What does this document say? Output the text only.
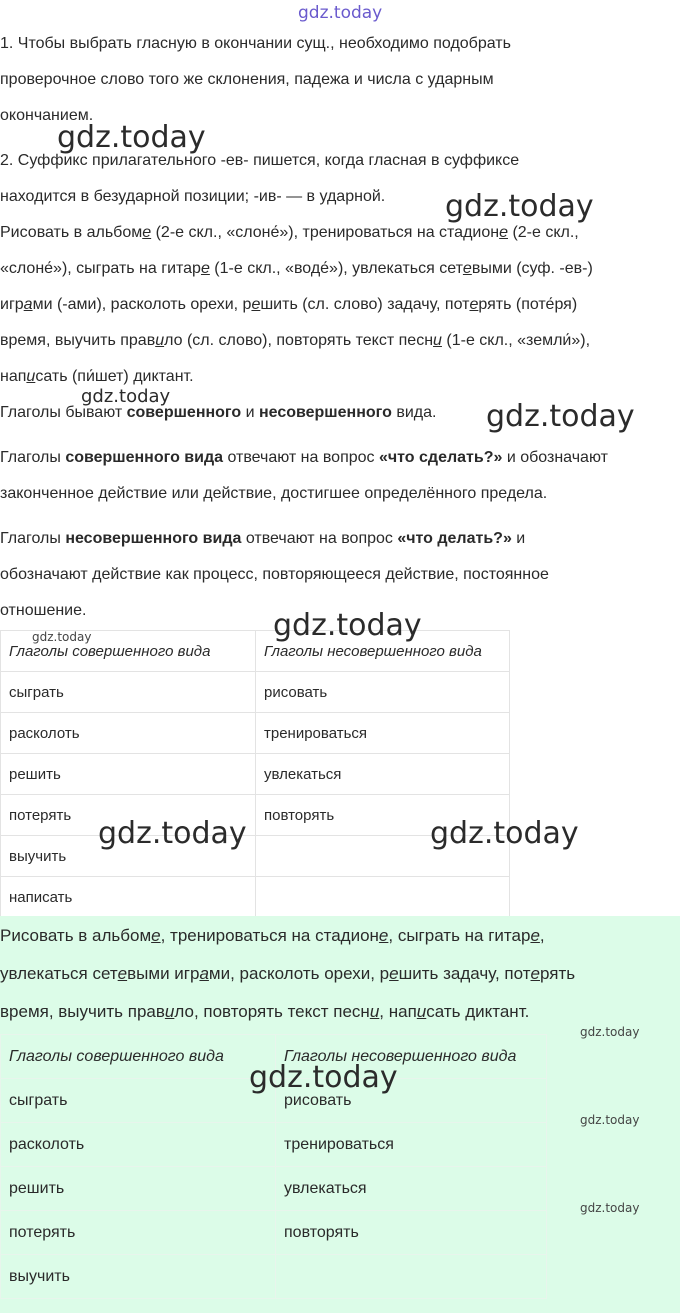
gdz.today

1. Чтобы выбрать гласную в окончании сущ., необходимо подобрать

проверочное слово того же склонения, падежа и числа с ударным

окончанием.

gdz.today

2. Суффикс прилагательного -ев- пишется, когда гласная в суффиксе

находится в безударной позиции; -ив- — в ударной. gdz.today

Рисовать в альбоме (2-е скл., «слоне́»), тренироваться на стадионе (2-е скл.,

«слоне́»), сыграть на гитаре (1-е скл., «воде́»), увлекаться сетевыми (суф. -ев-)

играми (-ами), расколоть орехи, решить (сл. слово) задачу, потерять (поте́ря)

время, выучить правило (сл. слово), повторять текст песни (1-е скл., «земли́»),

написать (пи́шет) диктант.

gdz.today

Глаголы бывают совершенного и несовершенного вида. gdz.today

Глаголы совершенного вида отвечают на вопрос «что сделать?» и обозначают

законченное действие или действие, достигшее определённого предела.

Глаголы несовершенного вида отвечают на вопрос «что делать?» и

обозначают действие как процесс, повторяющееся действие, постоянное

отношение.

Глаголы совершенного вида	Глаголы несовершенного вида
сыграть	рисовать
расколоть	тренироваться
решить	увлекаться
потерять	повторять
выучить	
написать	
gdz.today	gdz.today
gdz.today	gdz.today

Рисовать в альбоме, тренироваться на стадионе, сыграть на гитаре,

увлекаться сетевыми играми, расколоть орехи, решить задачу, потерять

время, выучить правило, повторять текст песни, написать диктант.

Глаголы совершенного вида	Глаголы несовершенного вида
сыграть	рисовать
расколоть	тренироваться
решить	увлекаться
потерять	повторять
выучить	
gdz.today
gdz.today
gdz.today
gdz.today
